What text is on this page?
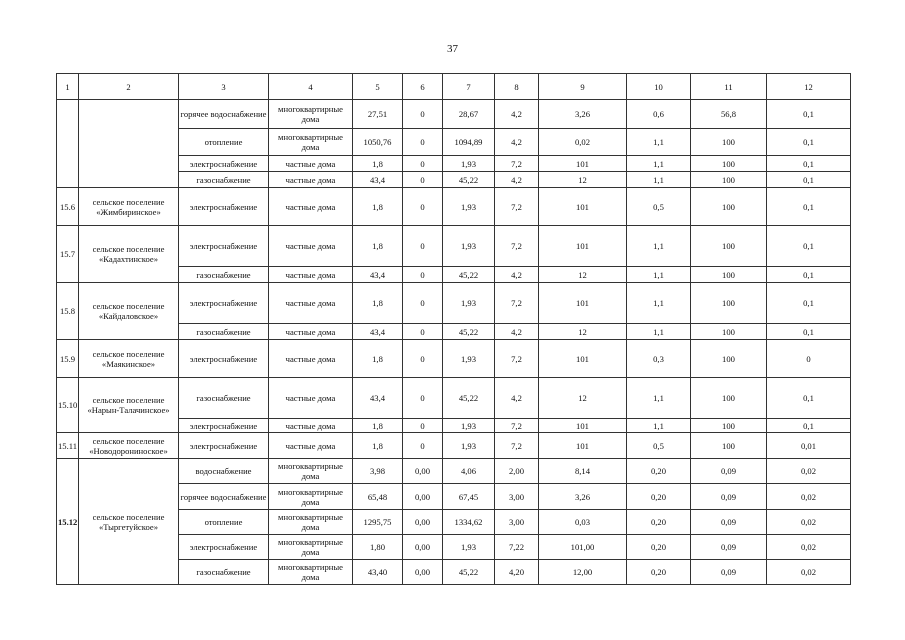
37
1	2	3	4	5	6	7	8	9	10	11	12
		горячее водоснабжение	многоквартирные дома	27,51	0	28,67	4,2	3,26	0,6	56,8	0,1
		отопление	многоквартирные дома	1050,76	0	1094,89	4,2	0,02	1,1	100	0,1
		электроснабжение	частные дома	1,8	0	1,93	7,2	101	1,1	100	0,1
		газоснабжение	частные дома	43,4	0	45,22	4,2	12	1,1	100	0,1
15.6	сельское поселение «Жимбиринское»	электроснабжение	частные дома	1,8	0	1,93	7,2	101	0,5	100	0,1
15.7	сельское поселение «Кадахтинское»	электроснабжение	частные дома	1,8	0	1,93	7,2	101	1,1	100	0,1
		газоснабжение	частные дома	43,4	0	45,22	4,2	12	1,1	100	0,1
15.8	сельское поселение «Кайдаловское»	электроснабжение	частные дома	1,8	0	1,93	7,2	101	1,1	100	0,1
		газоснабжение	частные дома	43,4	0	45,22	4,2	12	1,1	100	0,1
15.9	сельское поселение «Маякинское»	электроснабжение	частные дома	1,8	0	1,93	7,2	101	0,3	100	0
15.10	сельское поселение «Нарын-Талачинское»	газоснабжение	частные дома	43,4	0	45,22	4,2	12	1,1	100	0,1
		электроснабжение	частные дома	1,8	0	1,93	7,2	101	1,1	100	0,1
15.11	сельское поселение «Новодорониноское»	электроснабжение	частные дома	1,8	0	1,93	7,2	101	0,5	100	0,01
15.12	сельское поселение «Тыргетуйское»	водоснабжение	многоквартирные дома	3,98	0,00	4,06	2,00	8,14	0,20	0,09	0,02
		горячее водоснабжение	многоквартирные дома	65,48	0,00	67,45	3,00	3,26	0,20	0,09	0,02
		отопление	многоквартирные дома	1295,75	0,00	1334,62	3,00	0,03	0,20	0,09	0,02
		электроснабжение	многоквартирные дома	1,80	0,00	1,93	7,22	101,00	0,20	0,09	0,02
		газоснабжение	многоквартирные дома	43,40	0,00	45,22	4,20	12,00	0,20	0,09	0,02
